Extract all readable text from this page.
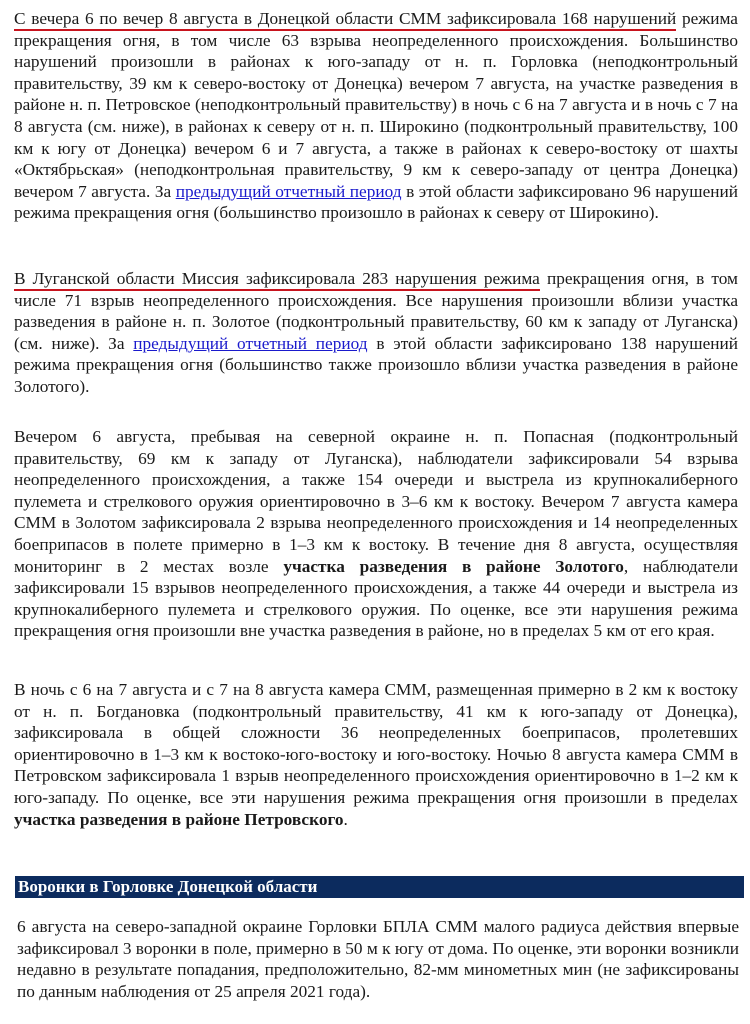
С вечера 6 по вечер 8 августа в Донецкой области СММ зафиксировала 168 нарушений режима прекращения огня, в том числе 63 взрыва неопределенного происхождения. Большинство нарушений произошли в районах к юго-западу от н. п. Горловка (неподконтрольный правительству, 39 км к северо-востоку от Донецка) вечером 7 августа, на участке разведения в районе н. п. Петровское (неподконтрольный правительству) в ночь с 6 на 7 августа и в ночь с 7 на 8 августа (см. ниже), в районах к северу от н. п. Широкино (подконтрольный правительству, 100 км к югу от Донецка) вечером 6 и 7 августа, а также в районах к северо-востоку от шахты «Октябрьская» (неподконтрольная правительству, 9 км к северо-западу от центра Донецка) вечером 7 августа. За предыдущий отчетный период в этой области зафиксировано 96 нарушений режима прекращения огня (большинство произошло в районах к северу от Широкино).

В Луганской области Миссия зафиксировала 283 нарушения режима прекращения огня, в том числе 71 взрыв неопределенного происхождения. Все нарушения произошли вблизи участка разведения в районе н. п. Золотое (подконтрольный правительству, 60 км к западу от Луганска) (см. ниже). За предыдущий отчетный период в этой области зафиксировано 138 нарушений режима прекращения огня (большинство также произошло вблизи участка разведения в районе Золотого).

Вечером 6 августа, пребывая на северной окраине н. п. Попасная (подконтрольный правительству, 69 км к западу от Луганска), наблюдатели зафиксировали 54 взрыва неопределенного происхождения, а также 154 очереди и выстрела из крупнокалиберного пулемета и стрелкового оружия ориентировочно в 3–6 км к востоку. Вечером 7 августа камера СММ в Золотом зафиксировала 2 взрыва неопределенного происхождения и 14 неопределенных боеприпасов в полете примерно в 1–3 км к востоку. В течение дня 8 августа, осуществляя мониторинг в 2 местах возле участка разведения в районе Золотого, наблюдатели зафиксировали 15 взрывов неопределенного происхождения, а также 44 очереди и выстрела из крупнокалиберного пулемета и стрелкового оружия. По оценке, все эти нарушения режима прекращения огня произошли вне участка разведения в районе, но в пределах 5 км от его края.

В ночь с 6 на 7 августа и с 7 на 8 августа камера СММ, размещенная примерно в 2 км к востоку от н. п. Богдановка (подконтрольный правительству, 41 км к юго-западу от Донецка), зафиксировала в общей сложности 36 неопределенных боеприпасов, пролетевших ориентировочно в 1–3 км к востоко-юго-востоку и юго-востоку. Ночью 8 августа камера СММ в Петровском зафиксировала 1 взрыв неопределенного происхождения ориентировочно в 1–2 км к юго-западу. По оценке, все эти нарушения режима прекращения огня произошли в пределах участка разведения в районе Петровского.

Воронки в Горловке Донецкой области

6 августа на северо-западной окраине Горловки БПЛА СММ малого радиуса действия впервые зафиксировал 3 воронки в поле, примерно в 50 м к югу от дома. По оценке, эти воронки возникли недавно в результате попадания, предположительно, 82-мм минометных мин (не зафиксированы по данным наблюдения от 25 апреля 2021 года).
